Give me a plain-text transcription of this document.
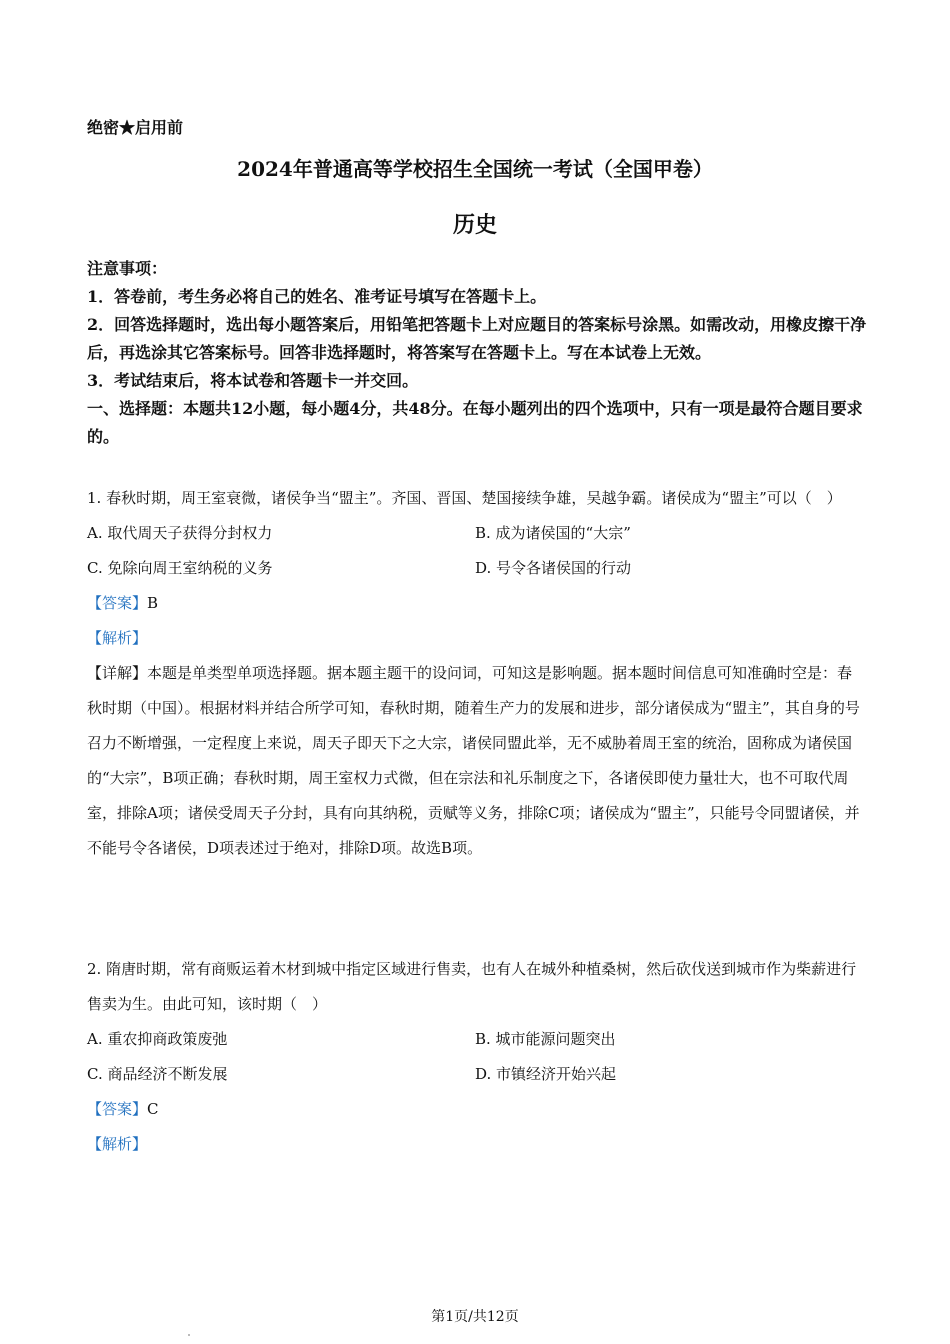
绝密★启用前
2024年普通高等学校招生全国统一考试（全国甲卷）
历史
注意事项：
1．答卷前，考生务必将自己的姓名、准考证号填写在答题卡上。
2．回答选择题时，选出每小题答案后，用铅笔把答题卡上对应题目的答案标号涂黑。如需改动，用橡皮擦干净后，再选涂其它答案标号。回答非选择题时，将答案写在答题卡上。写在本试卷上无效。
3．考试结束后，将本试卷和答题卡一并交回。
一、选择题：本题共12小题，每小题4分，共48分。在每小题列出的四个选项中，只有一项是最符合题目要求的。
1. 春秋时期，周王室衰微，诸侯争当“盟主”。齐国、晋国、楚国接续争雄，吴越争霸。诸侯成为“盟主”可以（　）
A. 取代周天子获得分封权力	B. 成为诸侯国的“大宗”
C. 免除向周王室纳税的义务	D. 号令各诸侯国的行动
【答案】B
【解析】
【详解】本题是单类型单项选择题。据本题主题干的设问词，可知这是影响题。据本题时间信息可知准确时空是：春秋时期（中国）。根据材料并结合所学可知，春秋时期，随着生产力的发展和进步，部分诸侯成为“盟主”，其自身的号召力不断增强，一定程度上来说，周天子即天下之大宗，诸侯同盟此举，无不威胁着周王室的统治，固称成为诸侯国的“大宗”，B项正确；春秋时期，周王室权力式微，但在宗法和礼乐制度之下，各诸侯即使力量壮大，也不可取代周室，排除A项；诸侯受周天子分封，具有向其纳税，贡赋等义务，排除C项；诸侯成为“盟主”，只能号令同盟诸侯，并不能号令各诸侯，D项表述过于绝对，排除D项。故选B项。
2. 隋唐时期，常有商贩运着木材到城中指定区域进行售卖，也有人在城外种植桑树，然后砍伐送到城市作为柴薪进行售卖为生。由此可知，该时期（　）
A. 重农抑商政策废弛	B. 城市能源问题突出
C. 商品经济不断发展	D. 市镇经济开始兴起
【答案】C
【解析】
第1页/共12页
